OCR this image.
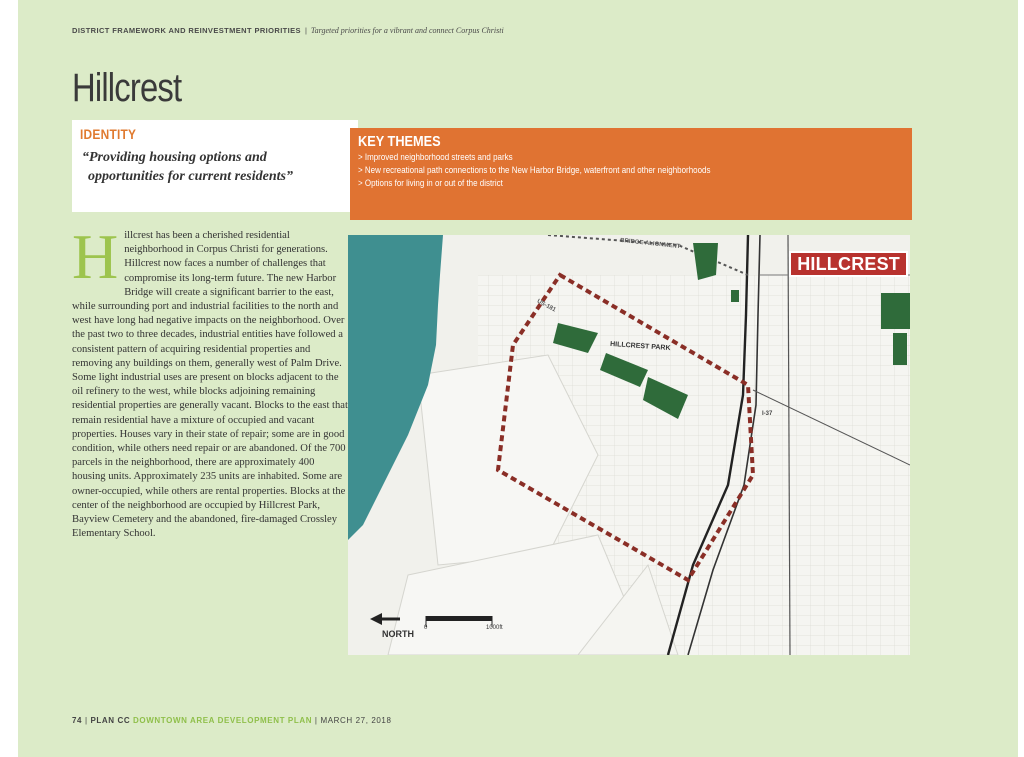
DISTRICT FRAMEWORK AND REINVESTMENT PRIORITIES | Targeted priorities for a vibrant and connect Corpus Christi
Hillcrest
IDENTITY
“Providing housing options and
opportunities for current residents”
KEY THEMES
> Improved neighborhood streets and parks
> New recreational path connections to the New Harbor Bridge, waterfront and other neighborhoods
> Options for living in or out of the district
Hillcrest has been a cherished residential neighborhood in Corpus Christi for generations. Hillcrest now faces a number of challenges that compromise its long-term future. The new Harbor Bridge will create a significant barrier to the east, while surrounding port and industrial facilities to the north and west have long had negative impacts on the neighborhood. Over the past two to three decades, industrial entities have followed a consistent pattern of acquiring residential properties and removing any buildings on them, generally west of Palm Drive. Some light industrial uses are present on blocks adjacent to the oil refinery to the west, while blocks adjoining remaining residential properties are generally vacant. Blocks to the east that remain residential have a mixture of occupied and vacant properties. Houses vary in their state of repair; some are in good condition, while others need repair or are abandoned. Of the 700 parcels in the neighborhood, there are approximately 400 housing units. Approximately 235 units are inhabited. Some are owner-occupied, while others are rental properties. Blocks at the center of the neighborhood are occupied by Hillcrest Park, Bayview Cemetery and the abandoned, fire-damaged Crossley Elementary School.
HILLCREST
HILLCREST PARK
BRIDGE ALIGNMENT
US-181
I-37
NORTH
0	1000ft
74 | PLAN CC DOWNTOWN AREA DEVELOPMENT PLAN | MARCH 27, 2018
